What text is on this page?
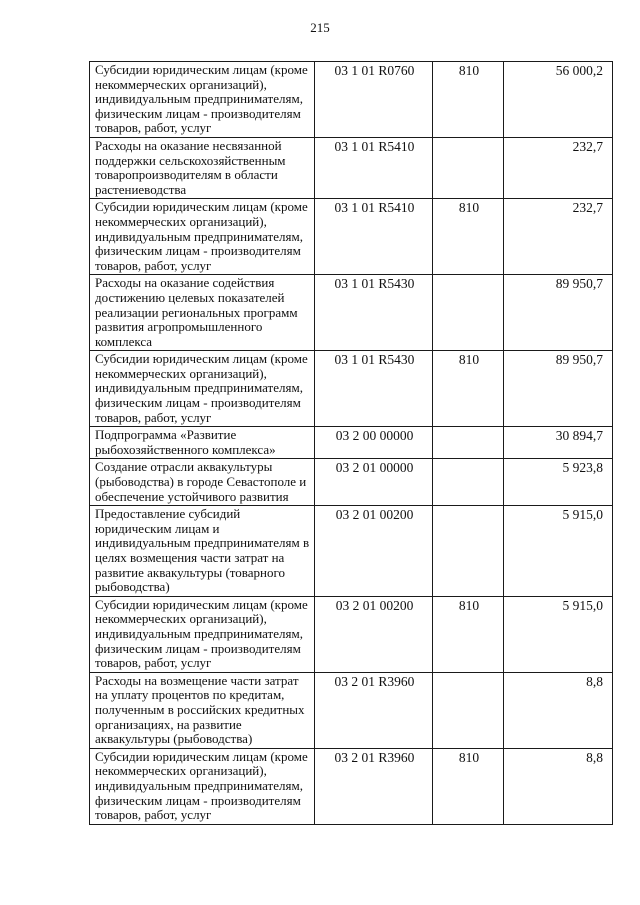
215
Субсидии юридическим лицам (кроме некоммерческих организаций), индивидуальным предпринимателям, физическим лицам - производителям товаров, работ, услуг	03 1 01 R0760	810	56 000,2
Расходы на оказание несвязанной поддержки сельскохозяйственным товаропроизводителям в области растениеводства	03 1 01 R5410		232,7
Субсидии юридическим лицам (кроме некоммерческих организаций), индивидуальным предпринимателям, физическим лицам - производителям товаров, работ, услуг	03 1 01 R5410	810	232,7
Расходы на оказание содействия достижению целевых показателей реализации региональных программ развития агропромышленного комплекса	03 1 01 R5430		89 950,7
Субсидии юридическим лицам (кроме некоммерческих организаций), индивидуальным предпринимателям, физическим лицам - производителям товаров, работ, услуг	03 1 01 R5430	810	89 950,7
Подпрограмма «Развитие рыбохозяйственного комплекса»	03 2 00 00000		30 894,7
Создание отрасли аквакультуры (рыбоводства) в городе Севастополе и обеспечение устойчивого развития	03 2 01 00000		5 923,8
Предоставление субсидий юридическим лицам и индивидуальным предпринимателям в целях возмещения части затрат на развитие аквакультуры (товарного рыбоводства)	03 2 01 00200		5 915,0
Субсидии юридическим лицам (кроме некоммерческих организаций), индивидуальным предпринимателям, физическим лицам - производителям товаров, работ, услуг	03 2 01 00200	810	5 915,0
Расходы на возмещение части затрат на уплату процентов по кредитам, полученным в российских кредитных организациях, на развитие аквакультуры (рыбоводства)	03 2 01 R3960		8,8
Субсидии юридическим лицам (кроме некоммерческих организаций), индивидуальным предпринимателям, физическим лицам - производителям товаров, работ, услуг	03 2 01 R3960	810	8,8
